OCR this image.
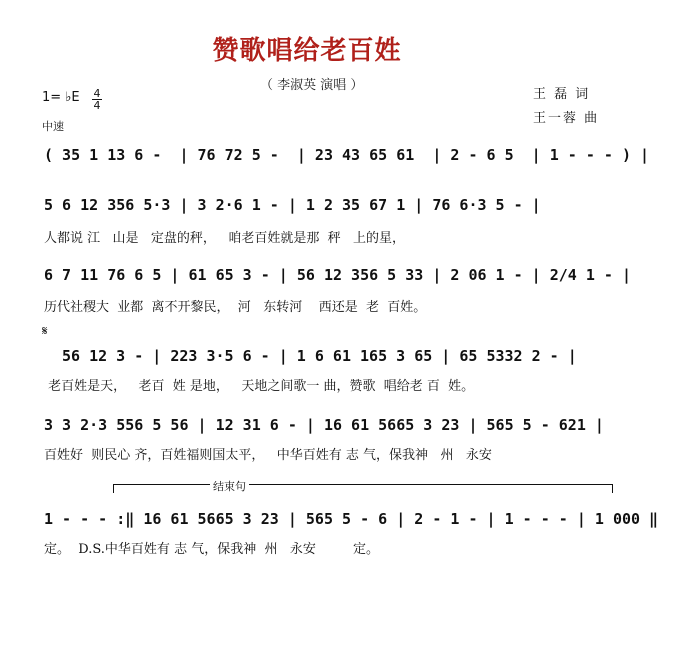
赞歌唱给老百姓
（ 李淑英 演唱 ）
1= ♭E 4
4
中速
王 磊 词
王一蓉 曲
( 35 1 13 6 -  | 76 72 5 -  | 23 43 65 61  | 2 - 6 5  | 1 - - - ) |
5 6 12 356 5·3 | 3 2·6 1 - | 1 2 35 67 1 | 76 6·3 5 - |
人都说 江   山是   定盘的秤，   咱老百姓就是那  秤   上的星，
6 7 11 76 6 5 | 61 65 3 - | 56 12 356 5 33 | 2 06 1 - | 2/4 1 - |
历代社稷大  业都  离不开黎民，  河   东转河    西还是  老  百姓。
𝄋
56 12 3 - | 223 3·5 6 - | 1 6 61 165 3 65 | 65 5332 2 - |
老百姓是天，   老百  姓 是地，   天地之间歌一 曲，赞歌  唱给老 百  姓。
3 3 2·3 556 5 56 | 12 31 6 - | 16 61 5665 3 23 | 565 5 - 621 |
百姓好  则民心 齐，百姓福则国太平，   中华百姓有 志 气，保我神   州   永安
结束句
1 - - - :‖ 16 61 5665 3 23 | 565 5 - 6 | 2 - 1 - | 1 - - - | 1 000 ‖
定。  D.S.中华百姓有 志 气，保我神  州   永安         定。
